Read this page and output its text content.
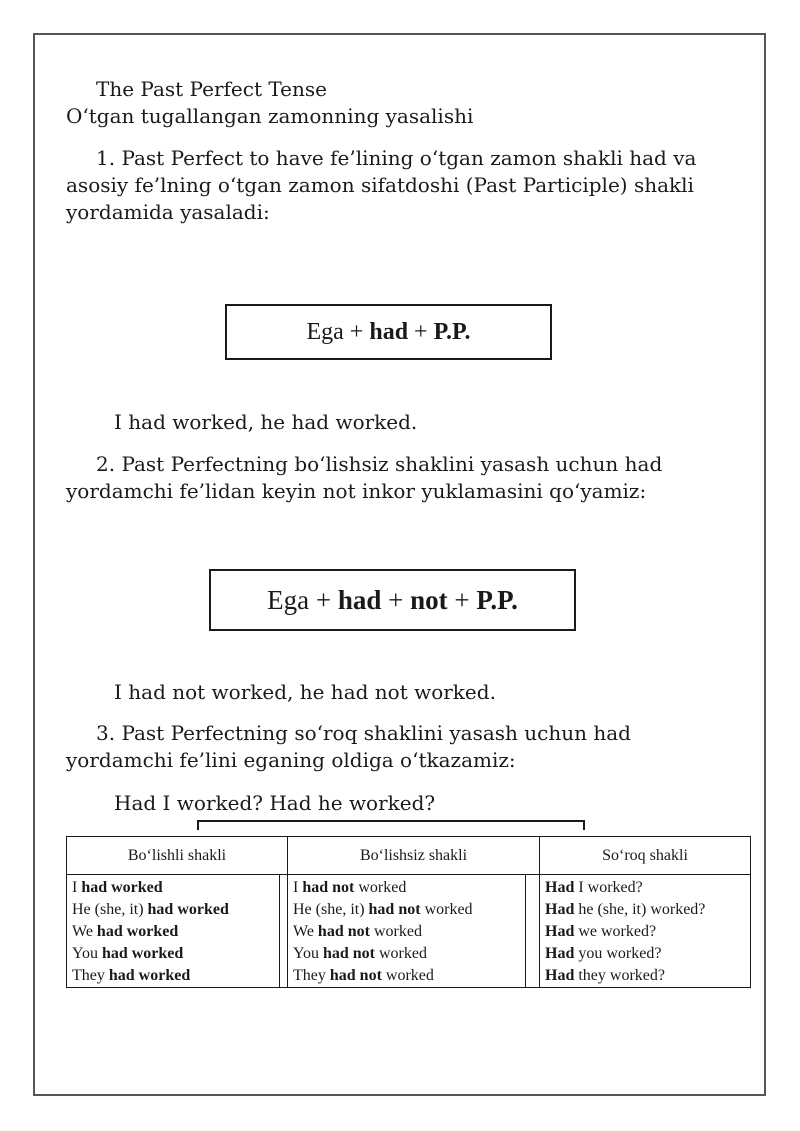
The Past Perfect Tense
O‘tgan tugallangan zamonning yasalishi
1. Past Perfect to have fe’lining o‘tgan zamon shakli had va
asosiy fe’lning o‘tgan zamon sifatdoshi (Past Participle) shakli
yordamida yasaladi:
Ega + had + P.P.
I had worked, he had worked.
2. Past Perfectning bo‘lishsiz shaklini yasash uchun had
yordamchi fe’lidan keyin not inkor yuklamasini qo‘yamiz:
Ega + had + not + P.P.
I had not worked, he had not worked.
3. Past Perfectning so‘roq shaklini yasash uchun had
yordamchi fe’lini eganing oldiga o‘tkazamiz:
Had I worked? Had he worked?
Bo‘lishli shakli	Bo‘lishsiz shakli	So‘roq shakli
I had worked
He (she, it) had worked
We had worked
You had worked
They had worked
I had not worked
He (she, it) had not worked
We had not worked
You had not worked
They had not worked
Had I worked?
Had he (she, it) worked?
Had we worked?
Had you worked?
Had they worked?
